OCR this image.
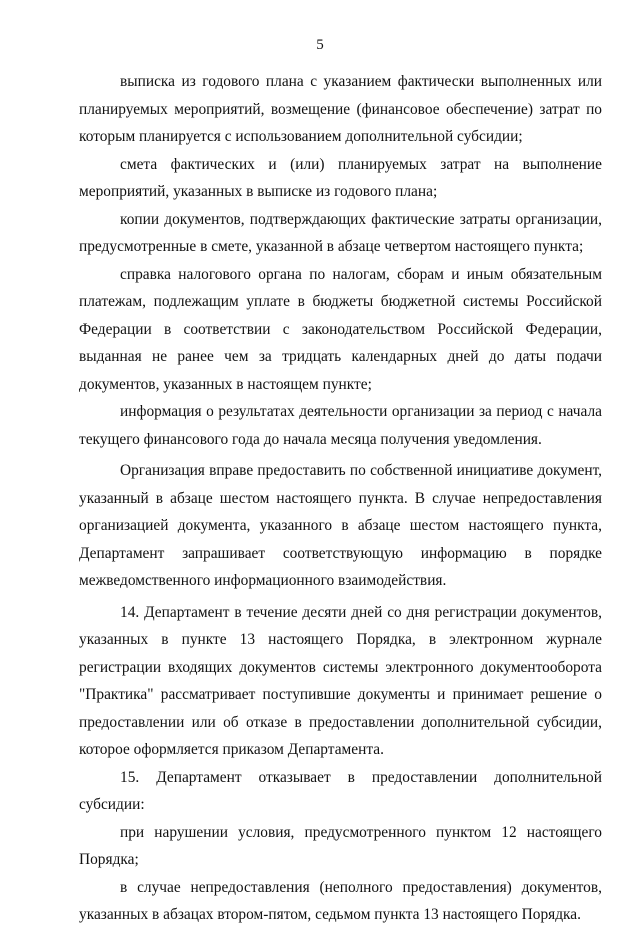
5

выписка из годового плана с указанием фактически выполненных или планируемых мероприятий, возмещение (финансовое обеспечение) затрат по которым планируется с использованием дополнительной субсидии;

смета фактических и (или) планируемых затрат на выполнение мероприятий, указанных в выписке из годового плана;

копии документов, подтверждающих фактические затраты организации, предусмотренные в смете, указанной в абзаце четвертом настоящего пункта;

справка налогового органа по налогам, сборам и иным обязательным платежам, подлежащим уплате в бюджеты бюджетной системы Российской Федерации в соответствии с законодательством Российской Федерации, выданная не ранее чем за тридцать календарных дней до даты подачи документов, указанных в настоящем пункте;

информация о результатах деятельности организации за период с начала текущего финансового года до начала месяца получения уведомления.

Организация вправе предоставить по собственной инициативе документ, указанный в абзаце шестом настоящего пункта. В случае непредоставления организацией документа, указанного в абзаце шестом настоящего пункта, Департамент запрашивает соответствующую информацию в порядке межведомственного информационного взаимодействия.

14. Департамент в течение десяти дней со дня регистрации документов, указанных в пункте 13 настоящего Порядка, в электронном журнале регистрации входящих документов системы электронного документооборота "Практика" рассматривает поступившие документы и принимает решение о предоставлении или об отказе в предоставлении дополнительной субсидии, которое оформляется приказом Департамента.

15. Департамент отказывает в предоставлении дополнительной субсидии:

при нарушении условия, предусмотренного пунктом 12 настоящего Порядка;

в случае непредоставления (неполного предоставления) документов, указанных в абзацах втором-пятом, седьмом пункта 13 настоящего Порядка.
